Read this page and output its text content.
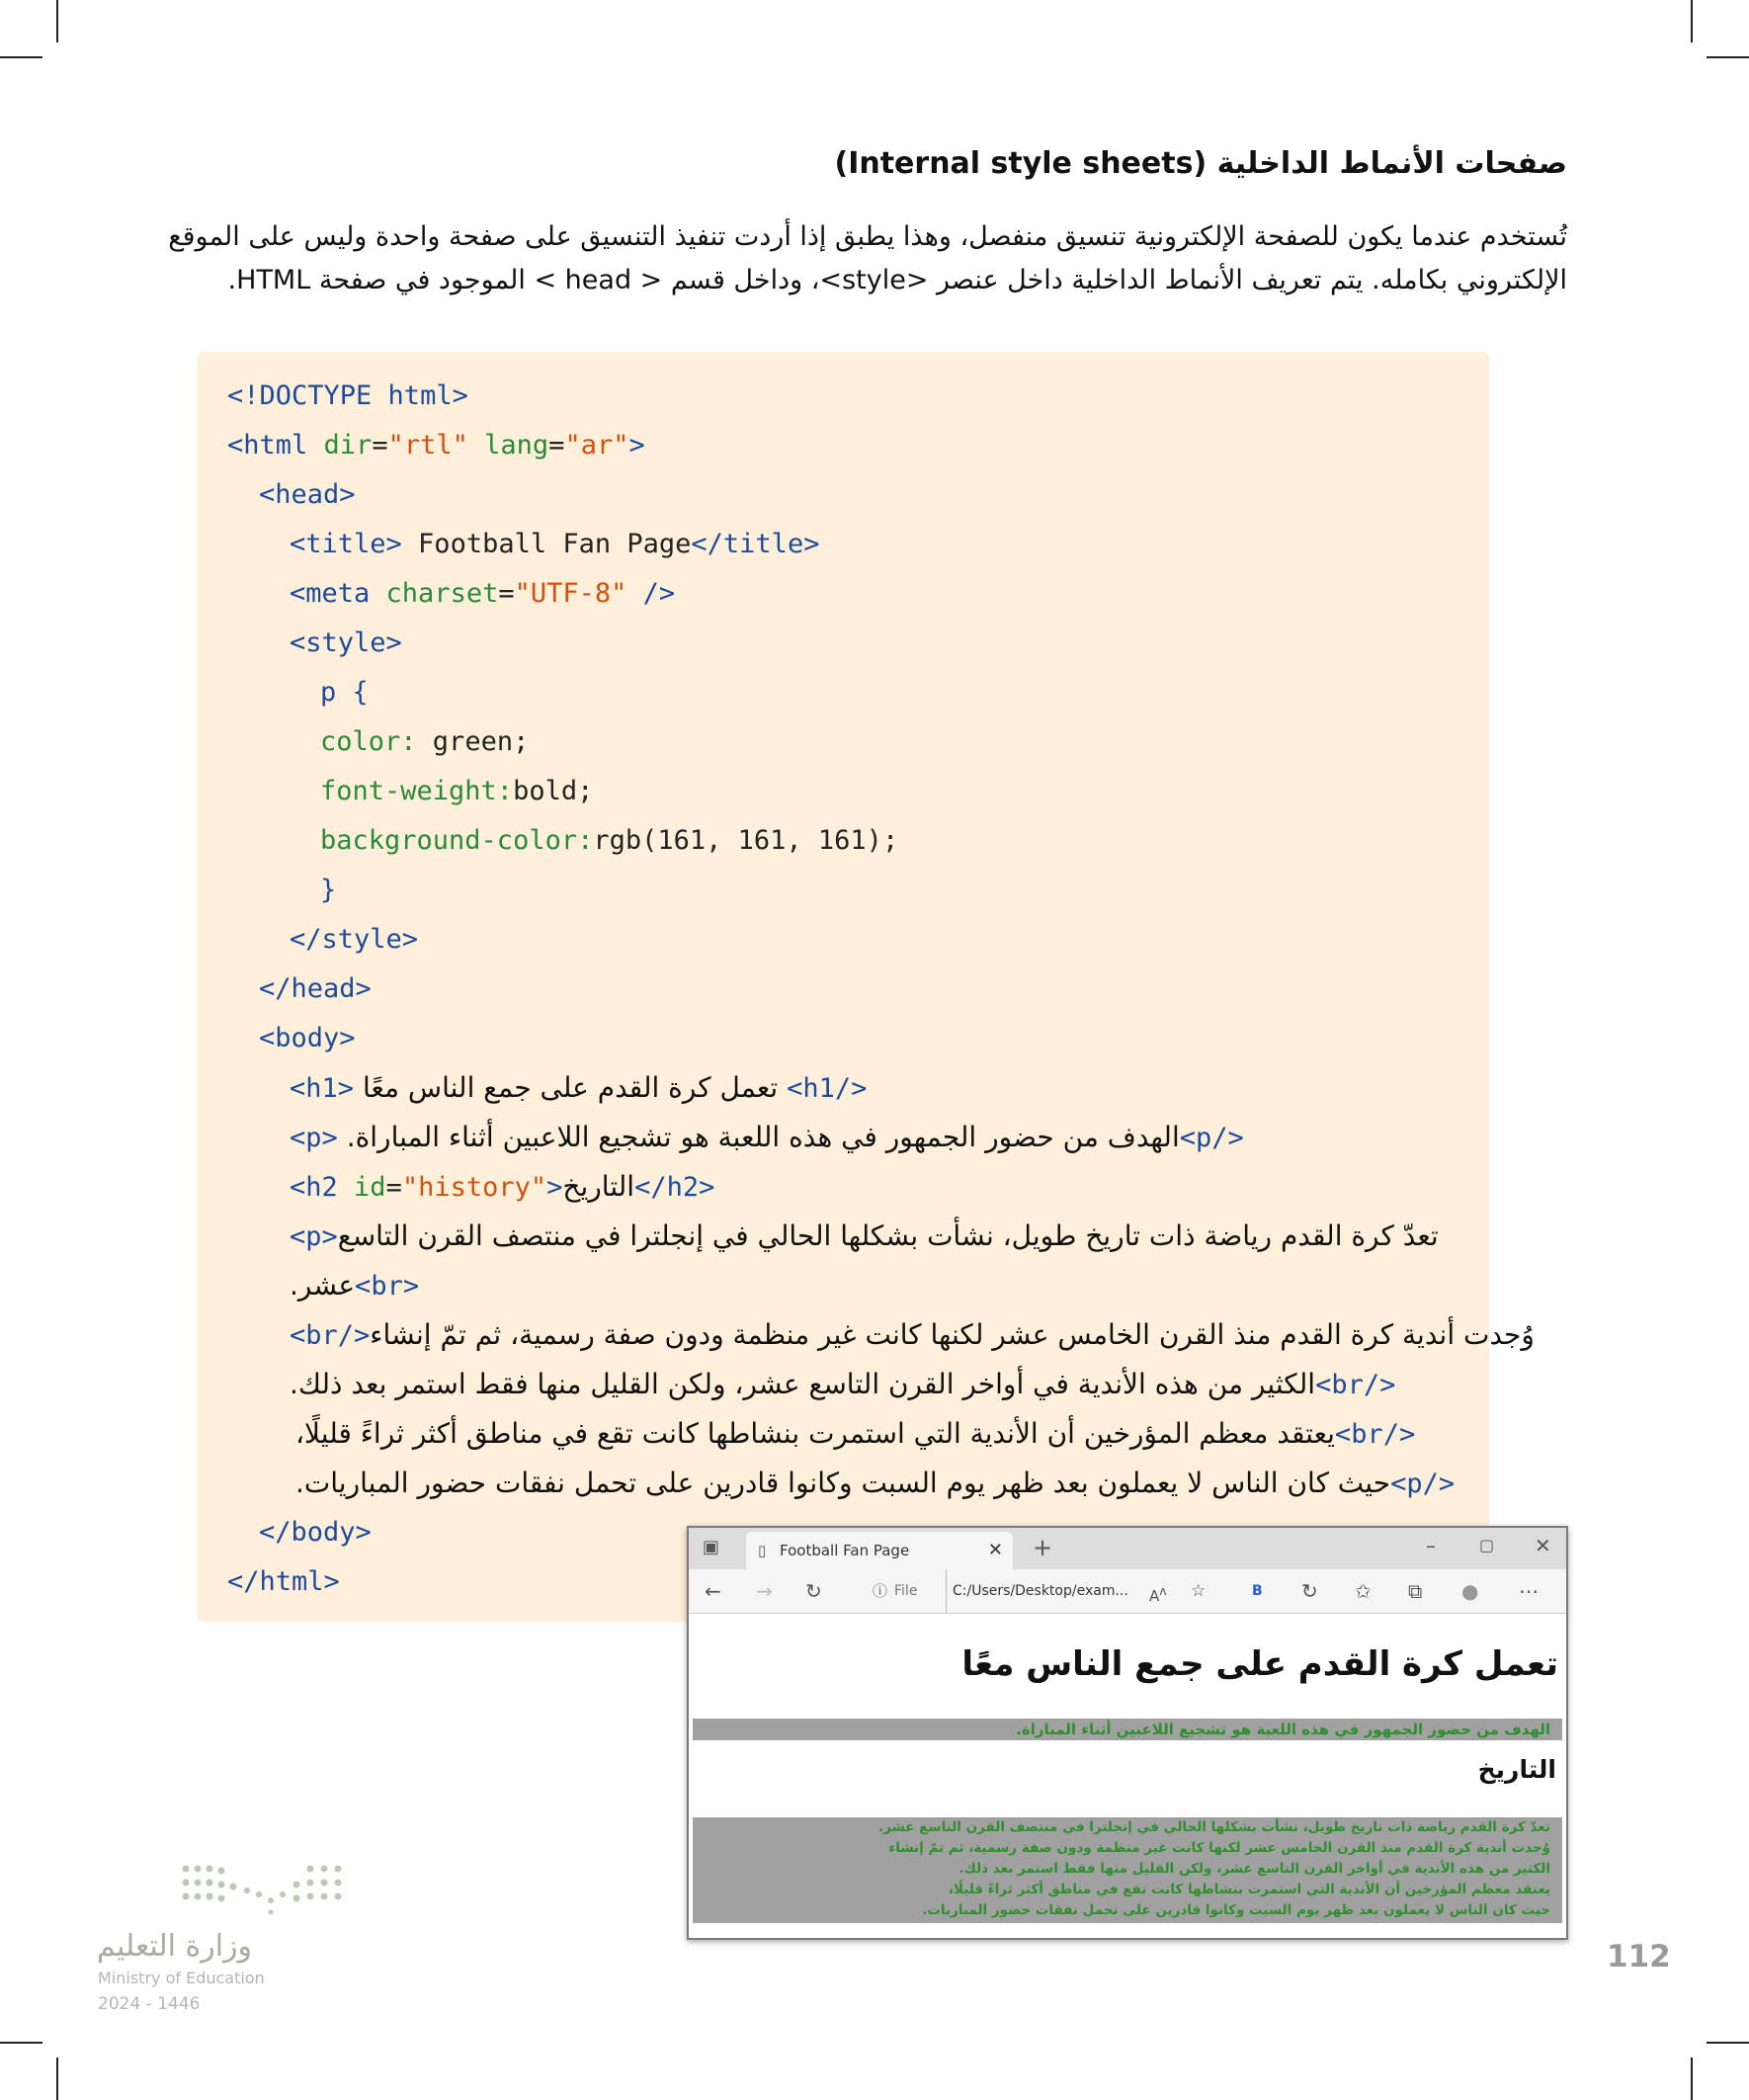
صفحات الأنماط الداخلية (Internal style sheets)
تُستخدم عندما يكون للصفحة الإلكترونية تنسيق منفصل، وهذا يطبق إذا أردت تنفيذ التنسيق على صفحة واحدة وليس على الموقع
الإلكتروني بكامله. يتم تعريف الأنماط الداخلية داخل عنصر <style>، وداخل قسم < head > الموجود في صفحة HTML.
<!DOCTYPE html>
<html dir="rtl" lang="ar">
<head>
<title> Football Fan Page</title>
<meta charset="UTF-8" />
<style>
p {
color: green;
font-weight:bold;
background-color:rgb(161, 161, 161);
}
</style>
</head>
<body>
</h1> تعمل كرة القدم على جمع الناس معًا <h1>
</p>الهدف من حضور الجمهور في هذه اللعبة هو تشجيع اللاعبين أثناء المباراة. <p>
<h2 id="history">التاريخ</h2>
تعدّ كرة القدم رياضة ذات تاريخ طويل، نشأت بشكلها الحالي في إنجلترا في منتصف القرن التاسع<p>
<br>عشر.
وُجدت أندية كرة القدم منذ القرن الخامس عشر لكنها كانت غير منظمة ودون صفة رسمية، ثم تمّ إنشاء</br>
</br>الكثير من هذه الأندية في أواخر القرن التاسع عشر، ولكن القليل منها فقط استمر بعد ذلك.
</br>يعتقد معظم المؤرخين أن الأندية التي استمرت بنشاطها كانت تقع في مناطق أكثر ثراءً قليلًا،
</p>حيث كان الناس لا يعملون بعد ظهر يوم السبت وكانوا قادرين على تحمل نفقات حضور المباريات.
</body>
</html>
▣	▯ Football Fan Page	✕ +	–	▢ ✕
← → ↻	ⓘ File	C:/Users/Desktop/exam... $A^ʌ$ ☆	B ↻ ✩ ⧉ ● ⋯
تعمل كرة القدم على جمع الناس معًا
الهدف من حضور الجمهور في هذه اللعبة هو تشجيع اللاعبين أثناء المباراة.
التاريخ
تعدّ كرة القدم رياضة ذات تاريخ طويل، نشأت بشكلها الحالي في إنجلترا في منتصف القرن التاسع عشر.
وُجدت أندية كرة القدم منذ القرن الخامس عشر لكنها كانت غير منظمة ودون صفة رسمية، ثم تمّ إنشاء
الكثير من هذه الأندية في أواخر القرن التاسع عشر، ولكن القليل منها فقط استمر بعد ذلك.
يعتقد معظم المؤرخين أن الأندية التي استمرت بنشاطها كانت تقع في مناطق أكثر ثراءً قليلًا،
حيث كان الناس لا يعملون بعد ظهر يوم السبت وكانوا قادرين على تحمل نفقات حضور المباريات.
وزارة التعليم
Ministry of Education
2024 - 1446
112
